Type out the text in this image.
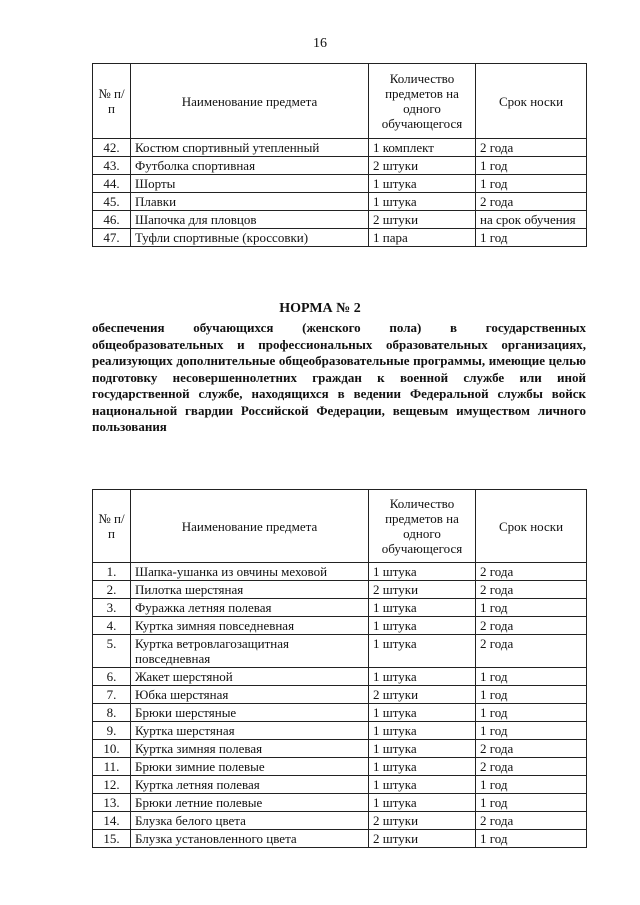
16
№ п/п	Наименование предмета	Количество предметов на одного обучающегося	Срок носки
42.	Костюм спортивный утепленный	1 комплект	2 года
43.	Футболка спортивная	2 штуки	1 год
44.	Шорты	1 штука	1 год
45.	Плавки	1 штука	2 года
46.	Шапочка для пловцов	2 штуки	на срок обучения
47.	Туфли спортивные (кроссовки)	1 пара	1 год
НОРМА № 2
обеспечения обучающихся (женского пола) в государственных общеобразовательных и профессиональных образовательных организациях, реализующих дополнительные общеобразовательные программы, имеющие целью подготовку несовершеннолетних граждан к военной службе или иной государственной службе, находящихся в ведении Федеральной службы войск национальной гвардии Российской Федерации, вещевым имуществом личного пользования
№ п/п	Наименование предмета	Количество предметов на одного обучающегося	Срок носки
1.	Шапка-ушанка из овчины меховой	1 штука	2 года
2.	Пилотка шерстяная	2 штуки	2 года
3.	Фуражка летняя полевая	1 штука	1 год
4.	Куртка зимняя повседневная	1 штука	2 года
5.	Куртка ветровлагозащитная повседневная	1 штука	2 года
6.	Жакет шерстяной	1 штука	1 год
7.	Юбка шерстяная	2 штуки	1 год
8.	Брюки шерстяные	1 штука	1 год
9.	Куртка шерстяная	1 штука	1 год
10.	Куртка зимняя полевая	1 штука	2 года
11.	Брюки зимние полевые	1 штука	2 года
12.	Куртка летняя полевая	1 штука	1 год
13.	Брюки летние полевые	1 штука	1 год
14.	Блузка белого цвета	2 штуки	2 года
15.	Блузка установленного цвета	2 штуки	1 год
